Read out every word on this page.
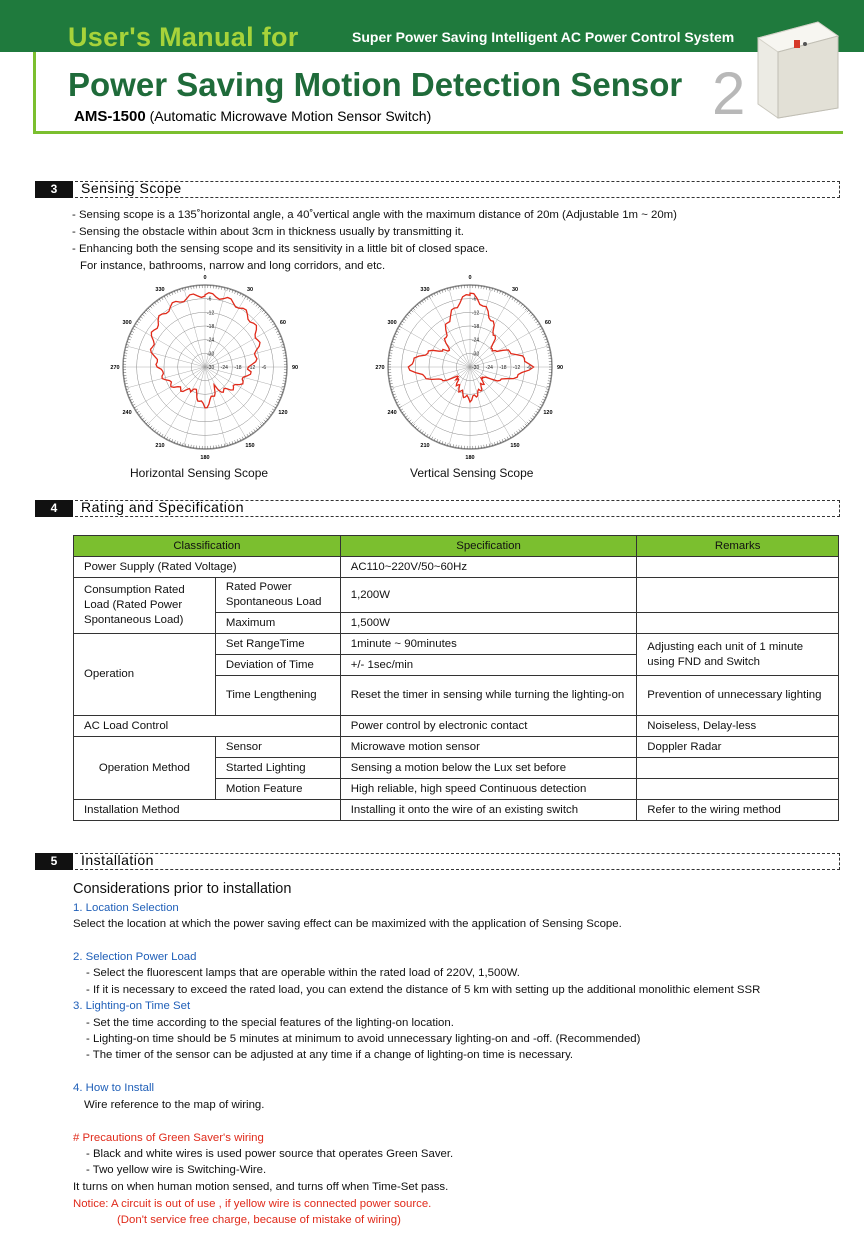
User's Manual for	Super Power Saving Intelligent AC Power Control System
Power Saving Motion Detection Sensor
AMS-1500 (Automatic Microwave Motion Sensor Switch)	2
3	Sensing Scope
- Sensing scope is a 135˚horizontal angle, a 40˚vertical angle with the maximum distance of 20m (Adjustable 1m ~ 20m)
- Sensing the obstacle within about 3cm in thickness usually by transmitting it.
- Enhancing both the sensing scope and its sensitivity in a little bit of closed space.
For instance, bathrooms, narrow and long corridors, and etc.
0
30
60
90
120
150
180
210
240
270
300
330
-6
-12
-18
-24
-30
-30 -24 -18 -12 -6
0
30
60
90
120
150
180
210
240
270
300
330
-6
-12
-18
-24
-30
-30 -24 -18 -12 -6
Horizontal Sensing Scope	Vertical Sensing Scope
4	Rating and Specification
Classification		Specification	Remarks
Power Supply (Rated Voltage)		AC110~220V/50~60Hz	
Consumption Rated Load (Rated Power Spontaneous Load)	Rated Power Spontaneous Load	1,200W	
	Maximum	1,500W	
Operation	Set RangeTime	1minute ~ 90minutes	Adjusting each unit of 1 minute using FND and Switch
	Deviation of Time	+/- 1sec/min	
	Time Lengthening	Reset the timer in sensing while turning the lighting-on	Prevention of unnecessary lighting
AC Load Control		Power control by electronic contact	Noiseless, Delay-less
Operation Method	Sensor	Microwave motion sensor	Doppler Radar
	Started Lighting	Sensing a motion below the Lux set before	
	Motion Feature	High reliable, high speed Continuous detection	
Installation Method		Installing it onto the wire of an existing switch	Refer to the wiring method
5	Installation
Considerations prior to installation
1. Location Selection
Select the location at which the power saving effect can be maximized with the application of Sensing Scope.
2. Selection Power Load
- Select the fluorescent lamps that are operable within the rated load of 220V, 1,500W.
- If it is necessary to exceed the rated load, you can extend the distance of 5 km with setting up the additional monolithic element SSR
3. Lighting-on Time Set
- Set the time according to the special features of the lighting-on location.
- Lighting-on time should be 5 minutes at minimum to avoid unnecessary lighting-on and -off. (Recommended)
- The timer of the sensor can be adjusted at any time if a change of lighting-on time is necessary.
4. How to Install
Wire reference to the map of wiring.
# Precautions of Green Saver's wiring
- Black and white wires is used power source that operates Green Saver.
- Two yellow wire is Switching-Wire.
It turns on when human motion sensed, and turns off when Time-Set pass.
Notice: A circuit is out of use , if yellow wire is connected power source.
(Don't service free charge, because of mistake of wiring)
